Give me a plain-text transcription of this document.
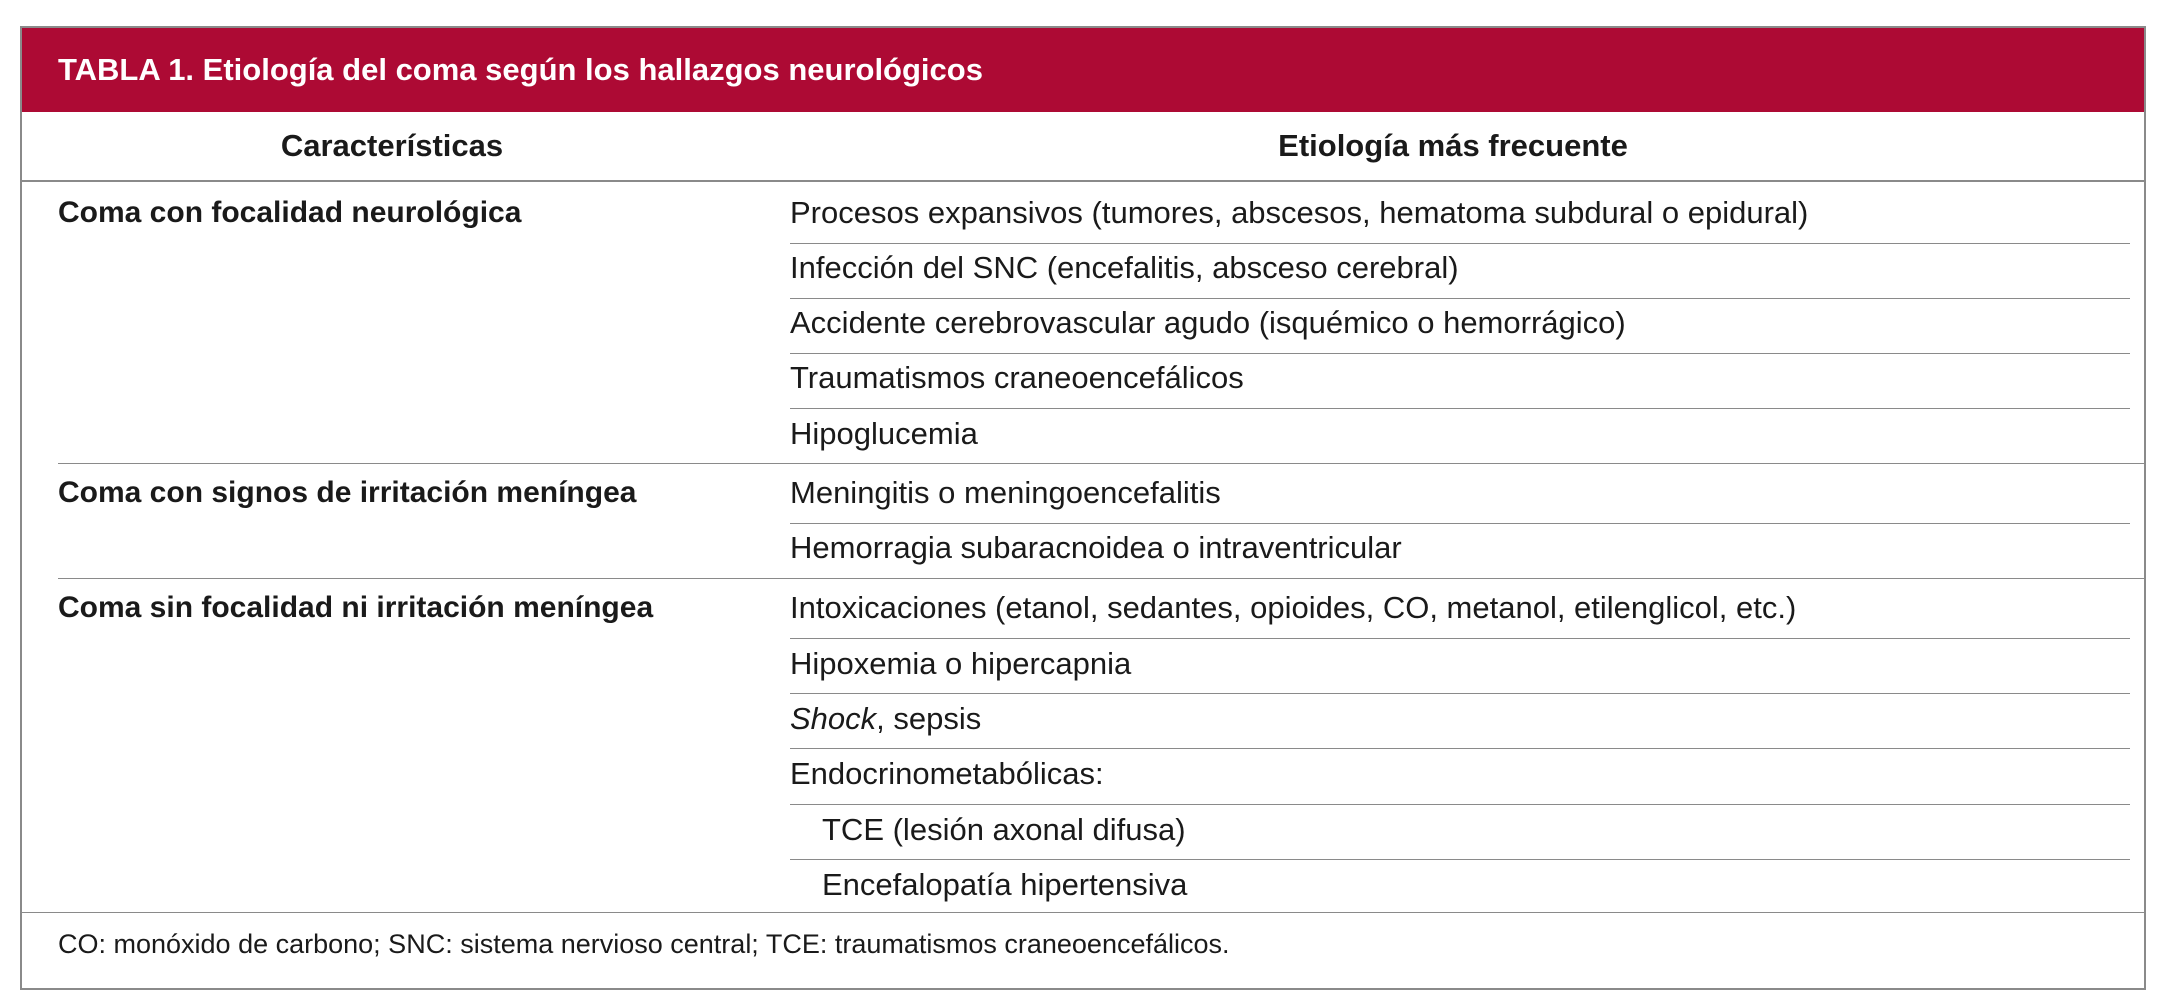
TABLA 1. Etiología del coma según los hallazgos neurológicos
Características	Etiología más frecuente
Coma con focalidad neurológica	Procesos expansivos (tumores, abscesos, hematoma subdural o epidural)
Infección del SNC (encefalitis, absceso cerebral)
Accidente cerebrovascular agudo (isquémico o hemorrágico)
Traumatismos craneoencefálicos
Hipoglucemia
Coma con signos de irritación meníngea	Meningitis o meningoencefalitis
Hemorragia subaracnoidea o intraventricular
Coma sin focalidad ni irritación meníngea	Intoxicaciones (etanol, sedantes, opioides, CO, metanol, etilenglicol, etc.)
Hipoxemia o hipercapnia
Shock, sepsis
Endocrinometabólicas:
TCE (lesión axonal difusa)
Encefalopatía hipertensiva
CO: monóxido de carbono; SNC: sistema nervioso central; TCE: traumatismos craneoencefálicos.
